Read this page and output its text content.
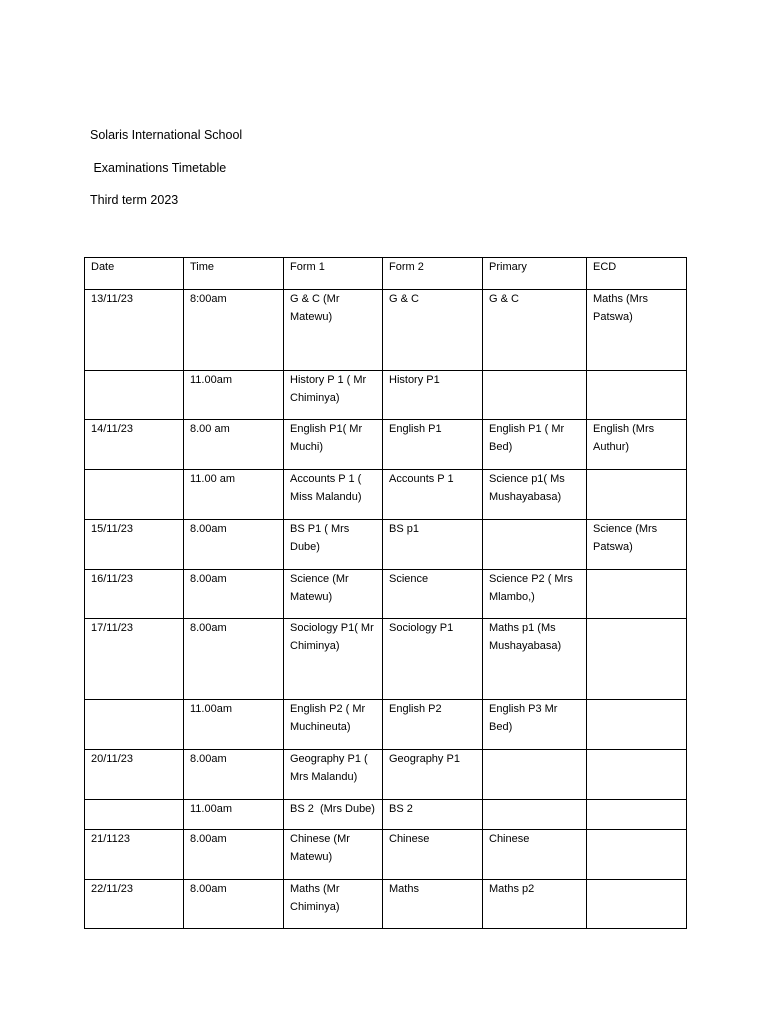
Solaris International School
Examinations Timetable
Third term 2023
Date	Time	Form 1	Form 2	Primary	ECD
13/11/23	8:00am	G & C (Mr Matewu)	G & C	G & C	Maths (Mrs Patswa)
	11.00am	History P 1 ( Mr Chiminya)	History P1		
14/11/23	8.00 am	English P1( Mr Muchi)	English P1	English P1 ( Mr Bed)	English (Mrs Authur)
	11.00 am	Accounts P 1 ( Miss Malandu)	Accounts P 1	Science p1( Ms Mushayabasa)	
15/11/23	8.00am	BS P1 ( Mrs Dube)	BS p1		Science (Mrs Patswa)
16/11/23	8.00am	Science (Mr Matewu)	Science	Science P2 ( Mrs Mlambo,)	
17/11/23	8.00am	Sociology P1( Mr Chiminya)	Sociology P1	Maths p1 (Ms Mushayabasa)	
	11.00am	English P2 ( Mr Muchineuta)	English P2	English P3 Mr Bed)	
20/11/23	8.00am	Geography P1 ( Mrs Malandu)	Geography P1		
	11.00am	BS 2  (Mrs Dube)	BS 2		
21/1123	8.00am	Chinese (Mr Matewu)	Chinese	Chinese	
22/11/23	8.00am	Maths (Mr Chiminya)	Maths	Maths p2	
